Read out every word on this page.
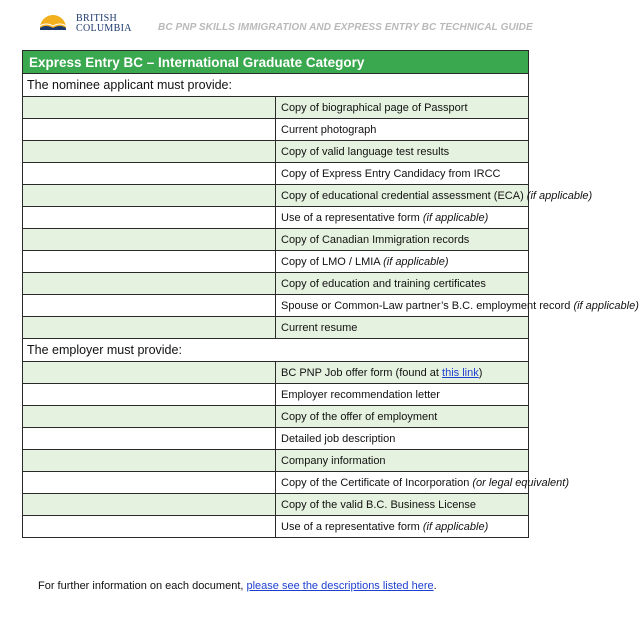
BRITISH
COLUMBIA	BC PNP SKILLS IMMIGRATION AND EXPRESS ENTRY BC TECHNICAL GUIDE
Express Entry BC – International Graduate Category	
The nominee applicant must provide:	
	Copy of biographical page of Passport
	Current photograph
	Copy of valid language test results
	Copy of Express Entry Candidacy from IRCC
	Copy of educational credential assessment (ECA) (if applicable)
	Use of a representative form (if applicable)
	Copy of Canadian Immigration records
	Copy of LMO / LMIA (if applicable)
	Copy of education and training certificates
	Spouse or Common-Law partner’s B.C. employment record (if applicable)
	Current resume
The employer must provide:	
	BC PNP Job offer form (found at this link)
	Employer recommendation letter
	Copy of the offer of employment
	Detailed job description
	Company information
	Copy of the Certificate of Incorporation (or legal equivalent)
	Copy of the valid B.C. Business License
	Use of a representative form (if applicable)
For further information on each document, please see the descriptions listed here.
